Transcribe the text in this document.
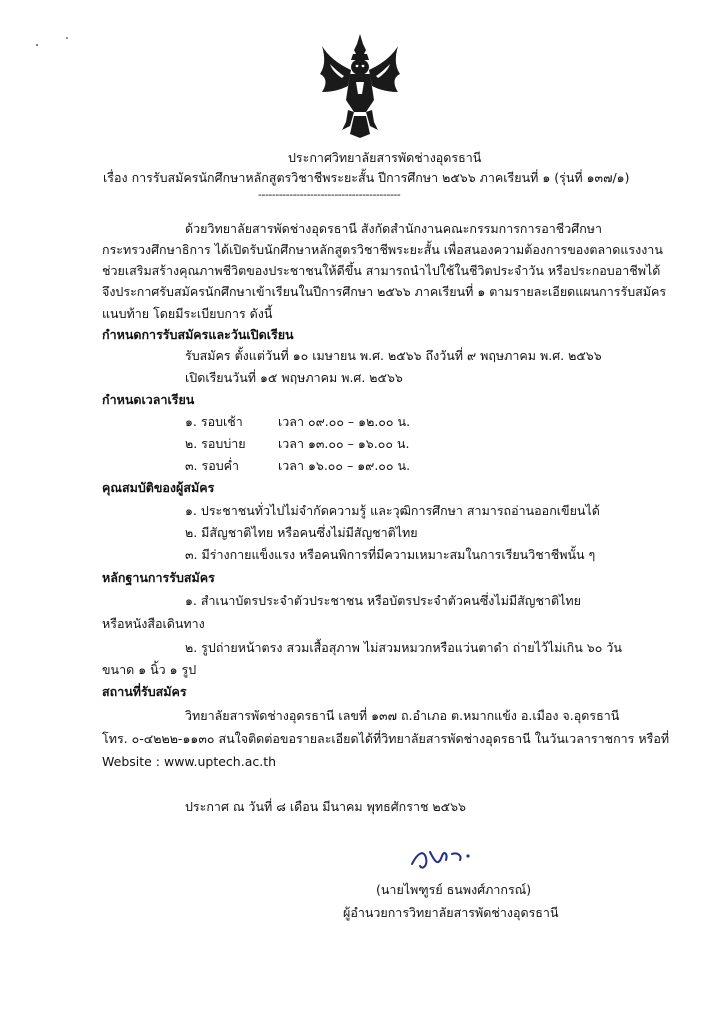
ประกาศวิทยาลัยสารพัดช่างอุดรธานี
เรื่อง การรับสมัครนักศึกษาหลักสูตรวิชาชีพระยะสั้น ปีการศึกษา ๒๕๖๖ ภาคเรียนที่ ๑ (รุ่นที่ ๑๓๗/๑)
-----------------------------------------
ด้วยวิทยาลัยสารพัดช่างอุดรธานี สังกัดสำนักงานคณะกรรมการการอาชีวศึกษา
กระทรวงศึกษาธิการ ได้เปิดรับนักศึกษาหลักสูตรวิชาชีพระยะสั้น เพื่อสนองความต้องการของตลาดแรงงาน
ช่วยเสริมสร้างคุณภาพชีวิตของประชาชนให้ดีขึ้น สามารถนำไปใช้ในชีวิตประจำวัน หรือประกอบอาชีพได้
จึงประกาศรับสมัครนักศึกษาเข้าเรียนในปีการศึกษา ๒๕๖๖ ภาคเรียนที่ ๑ ตามรายละเอียดแผนการรับสมัคร
แนบท้าย โดยมีระเบียบการ ดังนี้
กำหนดการรับสมัครและวันเปิดเรียน
รับสมัคร ตั้งแต่วันที่ ๑๐ เมษายน พ.ศ. ๒๕๖๖ ถึงวันที่ ๙ พฤษภาคม พ.ศ. ๒๕๖๖
เปิดเรียนวันที่ ๑๕ พฤษภาคม พ.ศ. ๒๕๖๖
กำหนดเวลาเรียน
๑. รอบเช้า	เวลา ๐๙.๐๐ – ๑๒.๐๐ น.
๒. รอบบ่าย	เวลา ๑๓.๐๐ – ๑๖.๐๐ น.
๓. รอบค่ำ	เวลา ๑๖.๐๐ – ๑๙.๐๐ น.
คุณสมบัติของผู้สมัคร
๑. ประชาชนทั่วไปไม่จำกัดความรู้ และวุฒิการศึกษา สามารถอ่านออกเขียนได้
๒. มีสัญชาติไทย หรือคนซึ่งไม่มีสัญชาติไทย
๓. มีร่างกายแข็งแรง หรือคนพิการที่มีความเหมาะสมในการเรียนวิชาชีพนั้น ๆ
หลักฐานการรับสมัคร
๑. สำเนาบัตรประจำตัวประชาชน หรือบัตรประจำตัวคนซึ่งไม่มีสัญชาติไทย
หรือหนังสือเดินทาง
๒. รูปถ่ายหน้าตรง สวมเสื้อสุภาพ ไม่สวมหมวกหรือแว่นตาดำ ถ่ายไว้ไม่เกิน ๖๐ วัน
ขนาด ๑ นิ้ว ๑ รูป
สถานที่รับสมัคร
วิทยาลัยสารพัดช่างอุดรธานี เลขที่ ๑๓๗ ถ.อำเภอ ต.หมากแข้ง อ.เมือง จ.อุดรธานี
โทร. ๐-๔๒๒๒-๑๑๓๐ สนใจติดต่อขอรายละเอียดได้ที่วิทยาลัยสารพัดช่างอุดรธานี ในวันเวลาราชการ หรือที่
Website : www.uptech.ac.th
ประกาศ ณ วันที่ ๘ เดือน มีนาคม พุทธศักราช ๒๕๖๖
(นายไพฑูรย์ ธนพงศ์ภากรณ์)
ผู้อำนวยการวิทยาลัยสารพัดช่างอุดรธานี
